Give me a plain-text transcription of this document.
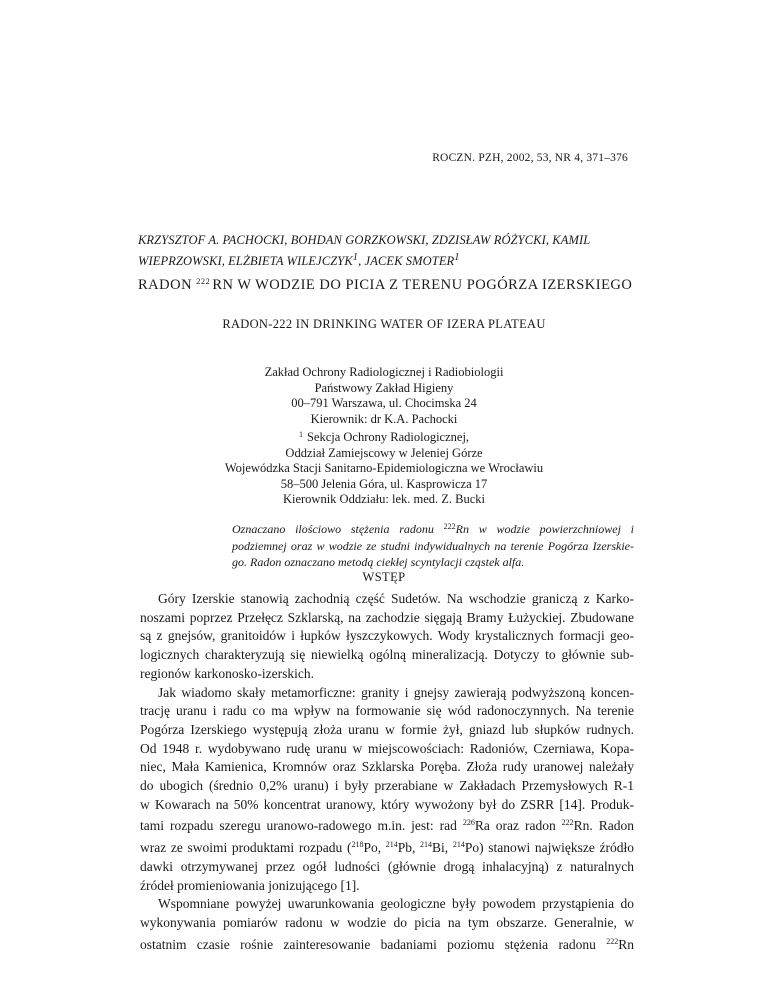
ROCZN. PZH, 2002, 53, NR 4, 371–376
KRZYSZTOF A. PACHOCKI, BOHDAN GORZKOWSKI, ZDZISŁAW RÓŻYCKI, KAMIL
WIEPRZOWSKI, ELŻBIETA WILEJCZYK$^1$, JACEK SMOTER$^1$
RADON $^{222}$ RN W WODZIE DO PICIA Z TERENU POGÓRZA IZERSKIEGO
RADON-222 IN DRINKING WATER OF IZERA PLATEAU
Zakład Ochrony Radiologicznej i Radiobiologii
Państwowy Zakład Higieny
00–791 Warszawa, ul. Chocimska 24
Kierownik: dr K.A. Pachocki
$^1$ Sekcja Ochrony Radiologicznej,
Oddział Zamiejscowy w Jeleniej Górze
Wojewódzka Stacji Sanitarno-Epidemiologiczna we Wrocławiu
58–500 Jelenia Góra, ul. Kasprowicza 17
Kierownik Oddziału: lek. med. Z. Bucki
Oznaczano ilościowo stężenia radonu $^{222}$Rn w wodzie powierzchniowej i
podziemnej oraz w wodzie ze studni indywidualnych na terenie Pogórza Izerskie-
go. Radon oznaczano metodą ciekłej scyntylacji cząstek alfa.
WSTĘP
Góry Izerskie stanowią zachodnią część Sudetów. Na wschodzie graniczą z Karko-
noszami poprzez Przełęcz Szklarską, na zachodzie sięgają Bramy Łużyckiej. Zbudowane
są z gnejsów, granitoidów i łupków łyszczykowych. Wody krystalicznych formacji geo-
logicznych charakteryzują się niewielką ogólną mineralizacją. Dotyczy to głównie sub-
regionów karkonosko-izerskich.
Jak wiadomo skały metamorficzne: granity i gnejsy zawierają podwyższoną koncen-
trację uranu i radu co ma wpływ na formowanie się wód radonoczynnych. Na terenie
Pogórza Izerskiego występują złoża uranu w formie żył, gniazd lub słupków rudnych.
Od 1948 r. wydobywano rudę uranu w miejscowościach: Radoniów, Czerniawa, Kopa-
niec, Mała Kamienica, Kromnów oraz Szklarska Poręba. Złoża rudy uranowej należały
do ubogich (średnio 0,2% uranu) i były przerabiane w Zakładach Przemysłowych R-1
w Kowarach na 50% koncentrat uranowy, który wywożony był do ZSRR [14]. Produk-
tami rozpadu szeregu uranowo-radowego m.in. jest: rad $^{226}$Ra oraz radon $^{222}$Rn. Radon
wraz ze swoimi produktami rozpadu ($^{218}$Po, $^{214}$Pb, $^{214}$Bi, $^{214}$Po) stanowi największe źródło
dawki otrzymywanej przez ogół ludności (głównie drogą inhalacyjną) z naturalnych
źródeł promieniowania jonizującego [1].
Wspomniane powyżej uwarunkowania geologiczne były powodem przystąpienia do
wykonywania pomiarów radonu w wodzie do picia na tym obszarze. Generalnie, w
ostatnim czasie rośnie zainteresowanie badaniami poziomu stężenia radonu $^{222}$Rn
